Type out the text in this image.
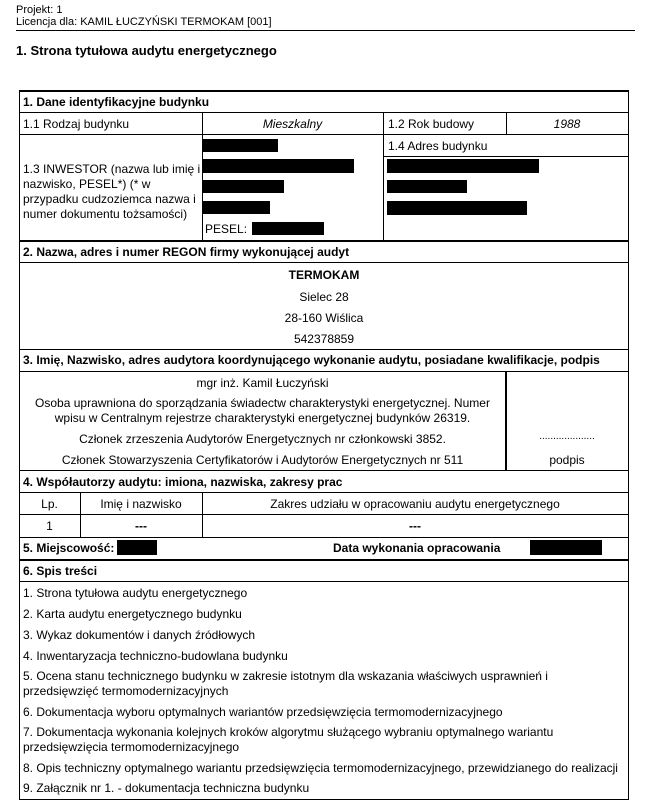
Projekt: 1
Licencja dla: KAMIL ŁUCZYŃSKI TERMOKAM [001]
1. Strona tytułowa audytu energetycznego
1. Dane identyfikacyjne budynku
1.1 Rodzaj budynku	Mieszkalny	1.2 Rok budowy	1988
1.3 INWESTOR (nazwa lub imię i nazwisko, PESEL*) (* w przypadku cudzoziemca nazwa i numer dokumentu tożsamości)
PESEL:
1.4 Adres budynku
2. Nazwa, adres i numer REGON firmy wykonującej audyt
TERMOKAM
Sielec 28
28-160 Wiślica
542378859
3. Imię, Nazwisko, adres audytora koordynującego wykonanie audytu, posiadane kwalifikacje, podpis
mgr inż. Kamil Łuczyński
Osoba uprawniona do sporządzania świadectw charakterystyki energetycznej. Numer
wpisu w Centralnym rejestrze charakterystyki energetycznej budynków 26319.
Członek zrzeszenia Audytorów Energetycznych nr członkowski 3852.
Członek Stowarzyszenia Certyfikatorów i Audytorów Energetycznych nr 511
....................
podpis
4. Współautorzy audytu: imiona, nazwiska, zakresy prac
Lp.	Imię i nazwisko	Zakres udziału w opracowaniu audytu energetycznego
1	---	---
5. Miejscowość:	Data wykonania opracowania
6. Spis treści
1. Strona tytułowa audytu energetycznego
2. Karta audytu energetycznego budynku
3. Wykaz dokumentów i danych źródłowych
4. Inwentaryzacja techniczno-budowlana budynku
5. Ocena stanu technicznego budynku w zakresie istotnym dla wskazania właściwych usprawnień i przedsięwzięć termomodernizacyjnych
6. Dokumentacja wyboru optymalnych wariantów przedsięwzięcia termomodernizacyjnego
7. Dokumentacja wykonania kolejnych kroków algorytmu służącego wybraniu optymalnego wariantu przedsięwzięcia termomodernizacyjnego
8. Opis techniczny optymalnego wariantu przedsięwzięcia termomodernizacyjnego, przewidzianego do realizacji
9. Załącznik nr 1. - dokumentacja techniczna budynku
